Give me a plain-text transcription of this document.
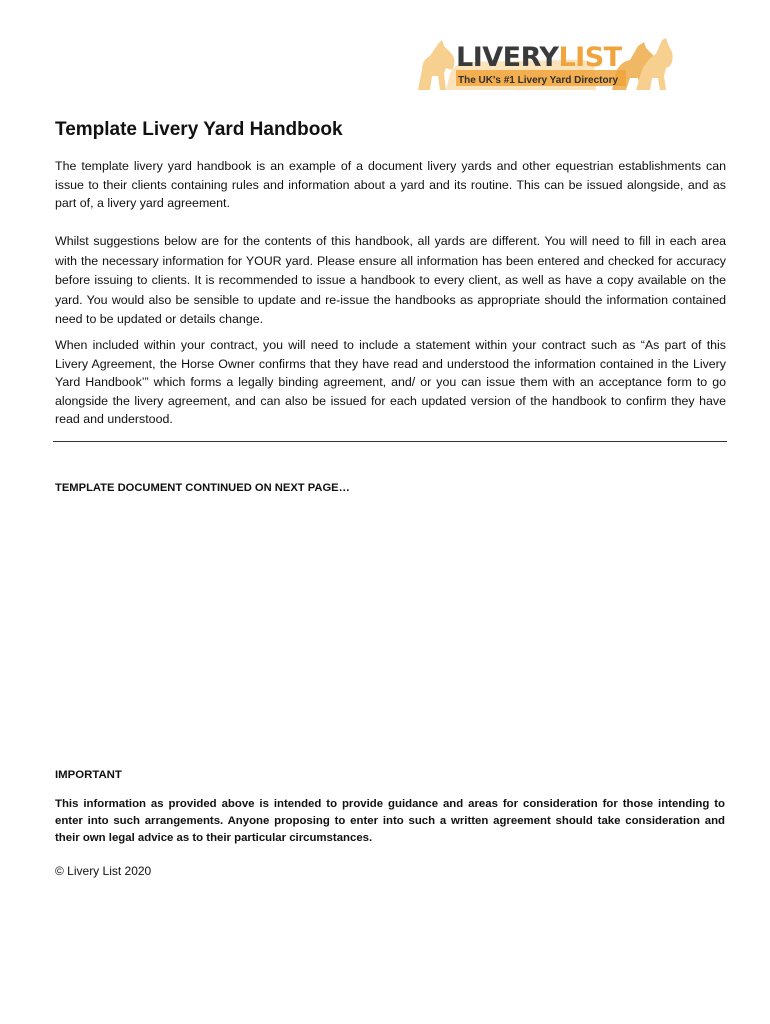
LIVERYLIST
The UK's #1 Livery Yard Directory
Template Livery Yard Handbook

The template livery yard handbook is an example of a document livery yards and other equestrian establishments can issue to their clients containing rules and information about a yard and its routine. This can be issued alongside, and as part of, a livery yard agreement.

Whilst suggestions below are for the contents of this handbook, all yards are different. You will need to fill in each area with the necessary information for YOUR yard. Please ensure all information has been entered and checked for accuracy before issuing to clients. It is recommended to issue a handbook to every client, as well as have a copy available on the yard. You would also be sensible to update and re-issue the handbooks as appropriate should the information contained need to be updated or details change.

When included within your contract, you will need to include a statement within your contract such as “As part of this Livery Agreement, the Horse Owner confirms that they have read and understood the information contained in the Livery Yard Handbook’” which forms a legally binding agreement, and/ or you can issue them with an acceptance form to go alongside the livery agreement, and can also be issued for each updated version of the handbook to confirm they have read and understood.

TEMPLATE DOCUMENT CONTINUED ON NEXT PAGE…

IMPORTANT

This information as provided above is intended to provide guidance and areas for consideration for those intending to enter into such arrangements. Anyone proposing to enter into such a written agreement should take consideration and their own legal advice as to their particular circumstances.

© Livery List 2020
